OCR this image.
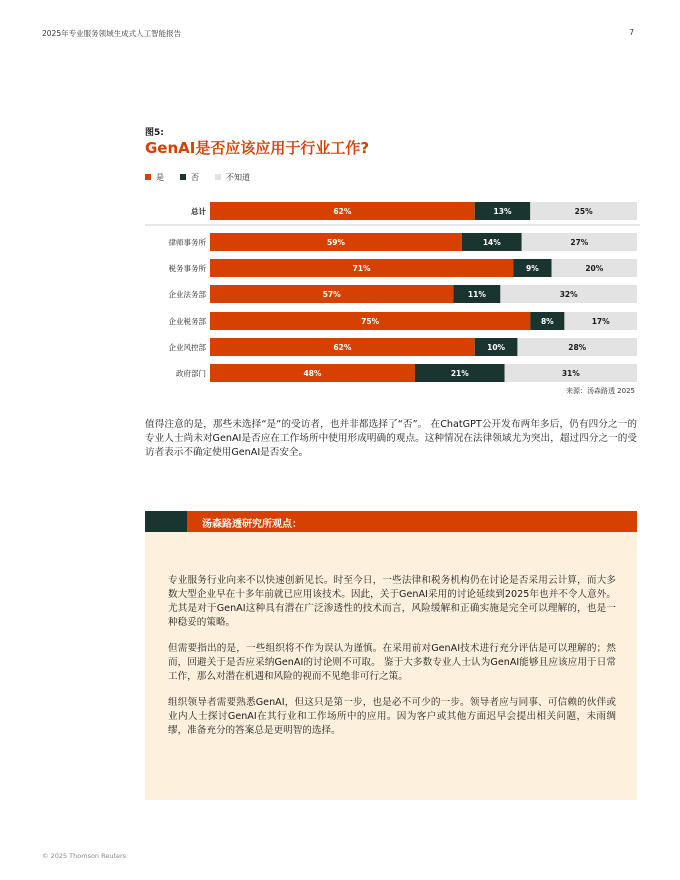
2025年专业服务领域生成式人工智能报告	7
图5:
GenAI是否应该应用于行业工作?
是	否	不知道
总计	62%	13%	25%
律师事务所	59%	14%	27%
税务事务所	71%	9%	20%
企业法务部	57%	11%	32%
企业税务部	75%	8%	17%
企业风控部	62%	10%	28%
政府部门	48%	21%	31%
来源：汤森路透 2025
值得注意的是，那些未选择“是”的受访者，也并非都选择了“否”。 在ChatGPT公开发布两年多后，仍有四分之一的专业人士尚未对GenAI是否应在工作场所中使用形成明确的观点。这种情况在法律领域尤为突出，超过四分之一的受访者表示不确定使用GenAI是否安全。
汤森路透研究所观点：

专业服务行业向来不以快速创新见长。时至今日，一些法律和税务机构仍在讨论是否采用云计算，而大多数大型企业早在十多年前就已应用该技术。因此，关于GenAI采用的讨论延续到2025年也并不令人意外。尤其是对于GenAI这种具有潜在广泛渗透性的技术而言，风险缓解和正确实施是完全可以理解的，也是一种稳妥的策略。

但需要指出的是，一些组织将不作为误认为谨慎。在采用前对GenAI技术进行充分评估是可以理解的；然而，回避关于是否应采纳GenAI的讨论则不可取。 鉴于大多数专业人士认为GenAI能够且应该应用于日常工作，那么对潜在机遇和风险的视而不见绝非可行之策。

组织领导者需要熟悉GenAI，但这只是第一步，也是必不可少的一步。领导者应与同事、可信赖的伙伴或业内人士探讨GenAI在其行业和工作场所中的应用。因为客户或其他方面迟早会提出相关问题，未雨绸缪，准备充分的答案总是更明智的选择。

© 2025 Thomson Reuters
